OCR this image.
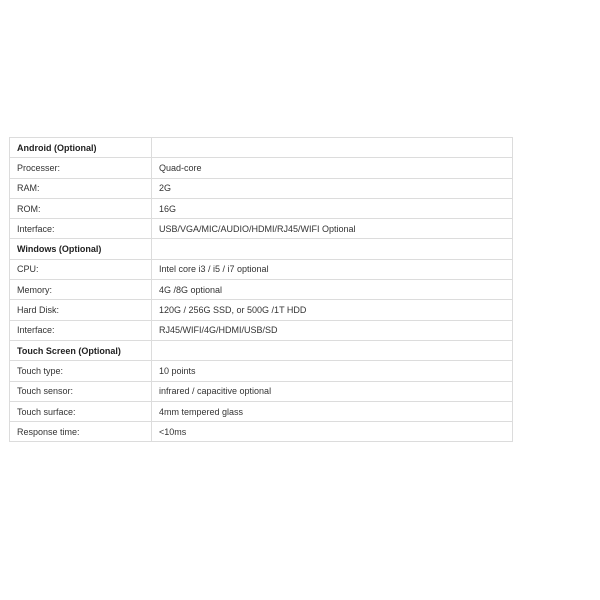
Android (Optional)	
Processer:	Quad-core
RAM:	2G
ROM:	16G
Interface:	USB/VGA/MIC/AUDIO/HDMI/RJ45/WIFI Optional
Windows (Optional)	
CPU:	Intel core i3 / i5 / i7 optional
Memory:	4G /8G optional
Hard Disk:	120G / 256G SSD, or 500G /1T HDD
Interface:	RJ45/WIFI/4G/HDMI/USB/SD
Touch Screen (Optional)	
Touch type:	10 points
Touch sensor:	infrared / capacitive optional
Touch surface:	4mm tempered glass
Response time:	<10ms
